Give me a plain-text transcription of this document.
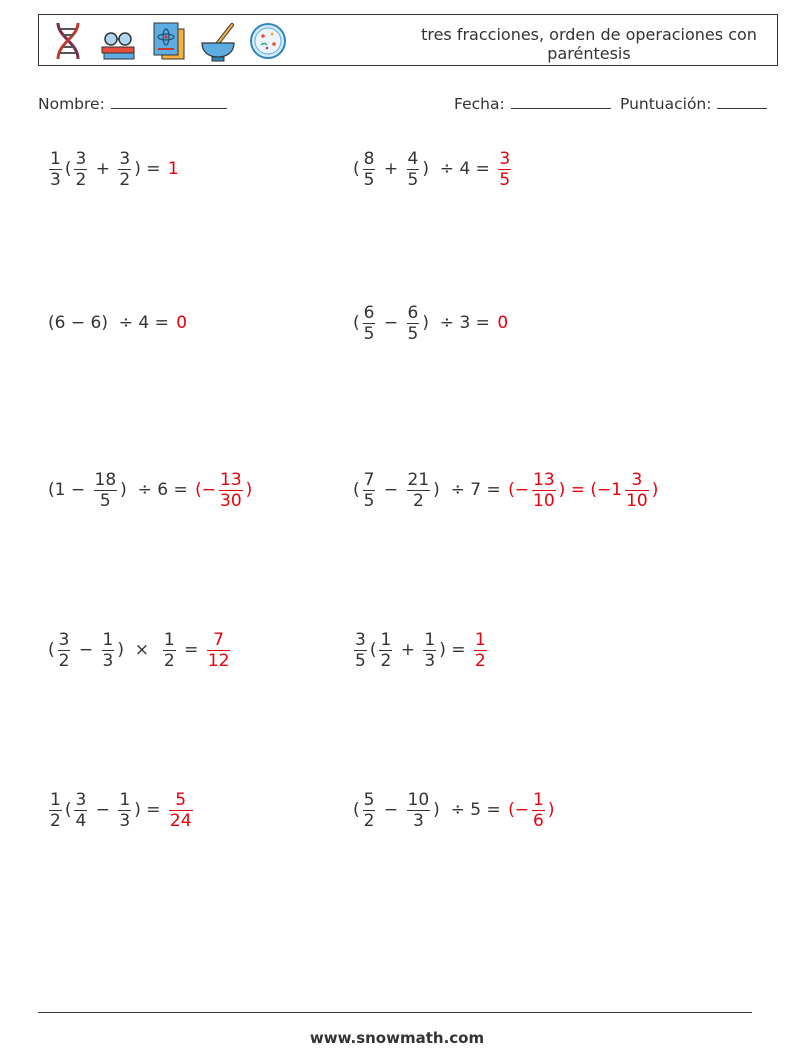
tres fracciones, orden de operaciones con paréntesis
Nombre:	Fecha:	Puntuación:
$\frac{1}{3}$ ( $\frac{3}{2} + \frac{3}{2}$ ) = 1	( $\frac{8}{5} + \frac{4}{5}$ )  ÷ $4 = \frac{3}{5}$
(6 − 6)  ÷ 4 = 0	( $\frac{6}{5} - \frac{6}{5}$ )  ÷ 3 = 0
($1 - \frac{18}{5}$ )  ÷ 6 = (− $\frac{13}{30}$ )	( $\frac{7}{5} - \frac{21}{2}$ )  ÷ 7 = (− $\frac{13}{10}$ ) = ($-1 \frac{3}{10}$ )
( $\frac{3}{2} - \frac{1}{3}$ )  × $\frac{1}{2} = \frac{7}{12}$	$\frac{3}{5}$ ( $\frac{1}{2} + \frac{1}{3}$ ) = $\frac{1}{2}$
$\frac{1}{2}$ ( $\frac{3}{4} - \frac{1}{3}$ ) = $\frac{5}{24}$	( $\frac{5}{2} - \frac{10}{3}$ )  ÷ 5 = (− $\frac{1}{6}$ )
www.snowmath.com
